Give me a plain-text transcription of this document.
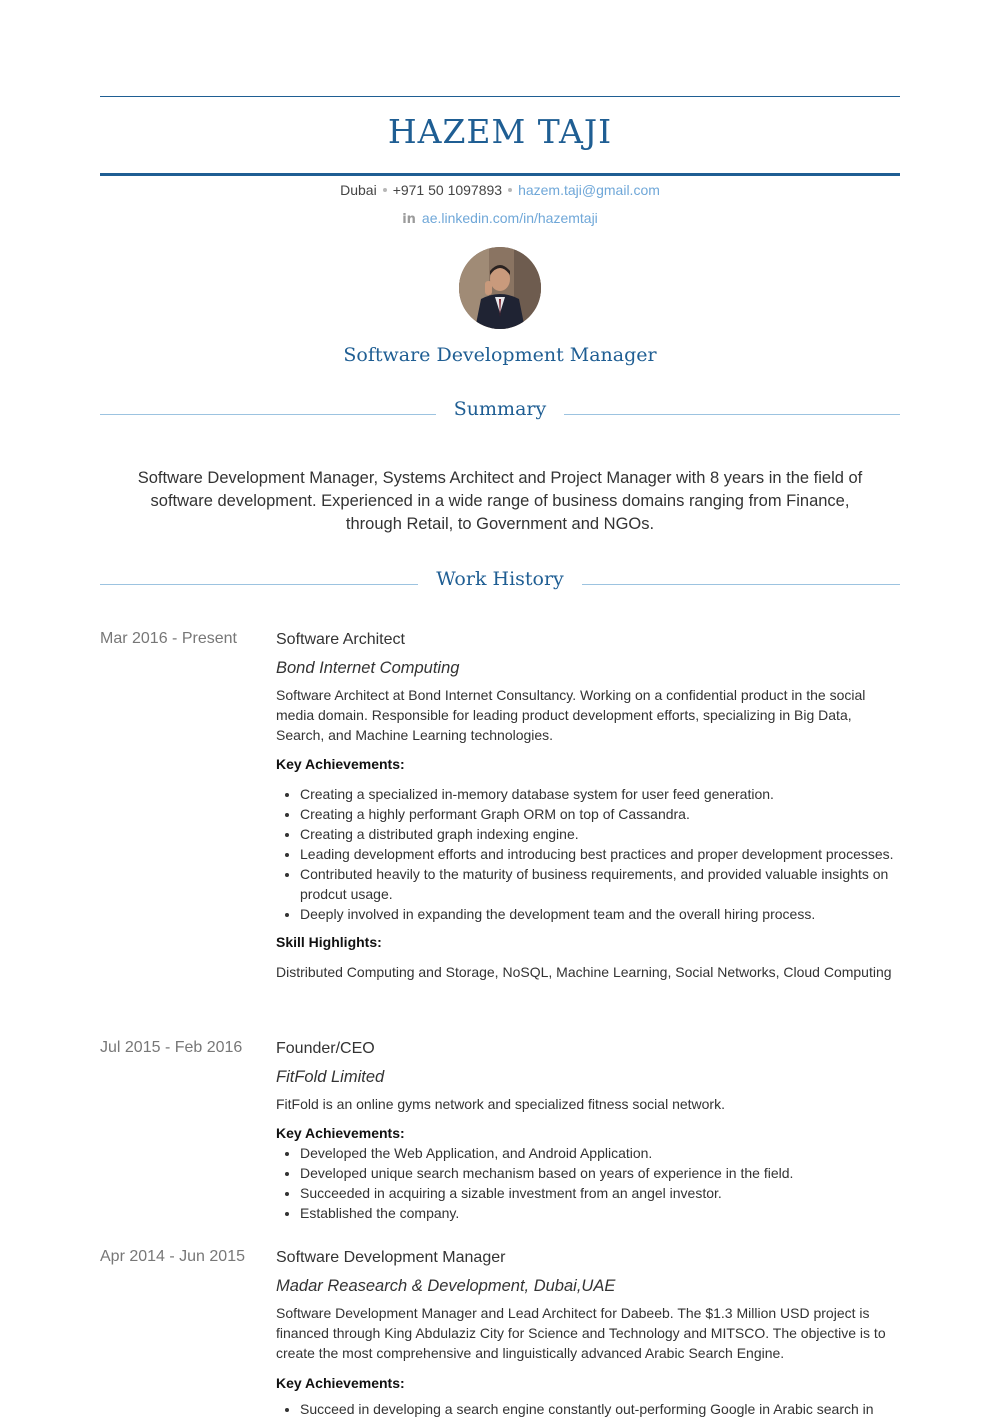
HAZEM TAJI
Dubai +971 50 1097893 hazem.taji@gmail.com
in ae.linkedin.com/in/hazemtaji
Software Development Manager
Summary
Software Development Manager, Systems Architect and Project Manager with 8 years in the field of software development. Experienced in a wide range of business domains ranging from Finance, through Retail, to Government and NGOs.
Work History
Mar 2016 - Present Software Architect
Bond Internet Computing
Software Architect at Bond Internet Consultancy. Working on a confidential product in the social media domain. Responsible for leading product development efforts, specializing in Big Data, Search, and Machine Learning technologies.
Key Achievements:
• Creating a specialized in-memory database system for user feed generation.
• Creating a highly performant Graph ORM on top of Cassandra.
• Creating a distributed graph indexing engine.
• Leading development efforts and introducing best practices and proper development processes.
• Contributed heavily to the maturity of business requirements, and provided valuable insights on prodcut usage.
• Deeply involved in expanding the development team and the overall hiring process.
Skill Highlights:
Distributed Computing and Storage, NoSQL, Machine Learning, Social Networks, Cloud Computing
Jul 2015 - Feb 2016 Founder/CEO
FitFold Limited
FitFold is an online gyms network and specialized fitness social network.
Key Achievements:
• Developed the Web Application, and Android Application.
• Developed unique search mechanism based on years of experience in the field.
• Succeeded in acquiring a sizable investment from an angel investor.
• Established the company.
Apr 2014 - Jun 2015 Software Development Manager
Madar Reasearch & Development, Dubai,UAE
Software Development Manager and Lead Architect for Dabeeb. The $1.3 Million USD project is financed through King Abdulaziz City for Science and Technology and MITSCO. The objective is to create the most comprehensive and linguistically advanced Arabic Search Engine.
Key Achievements:
• Succeed in developing a search engine constantly out-performing Google in Arabic search in
